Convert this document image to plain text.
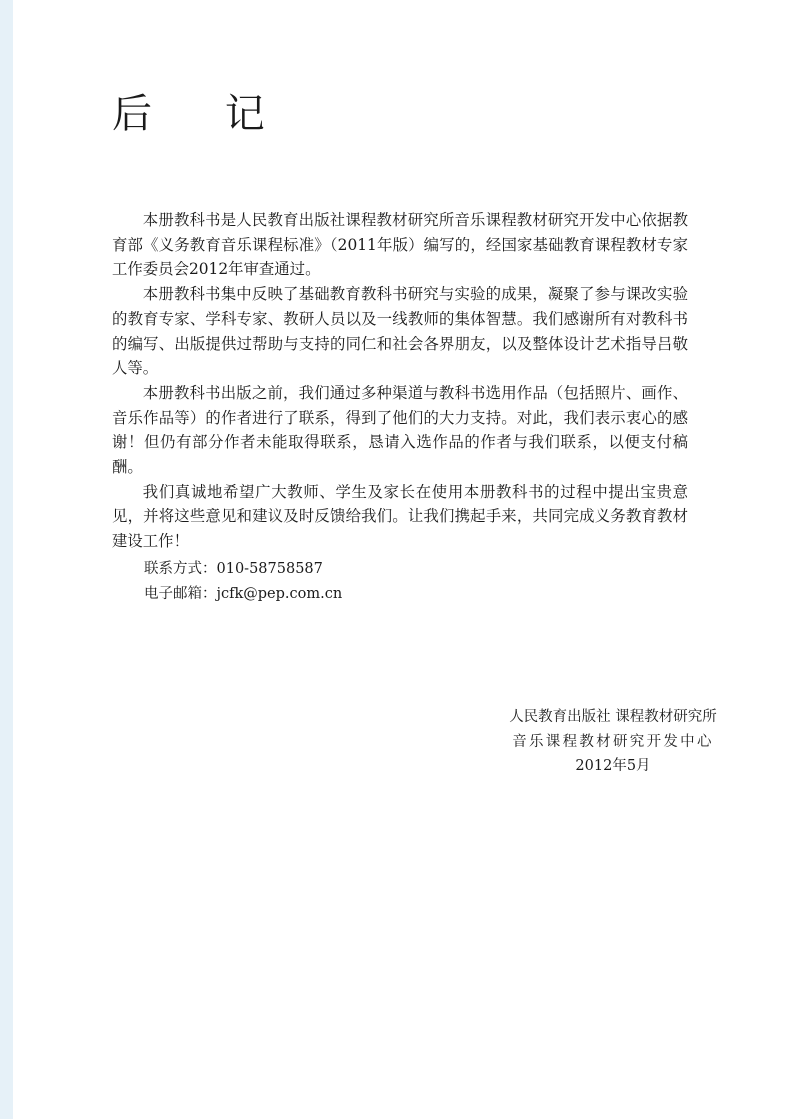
后 记

本册教科书是人民教育出版社课程教材研究所音乐课程教材研究开发中心依据教育部《义务教育音乐课程标准》（2011年版）编写的，经国家基础教育课程教材专家工作委员会2012年审查通过。

本册教科书集中反映了基础教育教科书研究与实验的成果，凝聚了参与课改实验的教育专家、学科专家、教研人员以及一线教师的集体智慧。我们感谢所有对教科书的编写、出版提供过帮助与支持的同仁和社会各界朋友，以及整体设计艺术指导吕敬人等。

本册教科书出版之前，我们通过多种渠道与教科书选用作品（包括照片、画作、音乐作品等）的作者进行了联系，得到了他们的大力支持。对此，我们表示衷心的感谢！但仍有部分作者未能取得联系，恳请入选作品的作者与我们联系，以便支付稿酬。

我们真诚地希望广大教师、学生及家长在使用本册教科书的过程中提出宝贵意见，并将这些意见和建议及时反馈给我们。让我们携起手来，共同完成义务教育教材建设工作！

联系方式：010-58758587
电子邮箱：jcfk@pep.com.cn
人民教育出版社 课程教材研究所
音乐课程教材研究开发中心
2012年5月
